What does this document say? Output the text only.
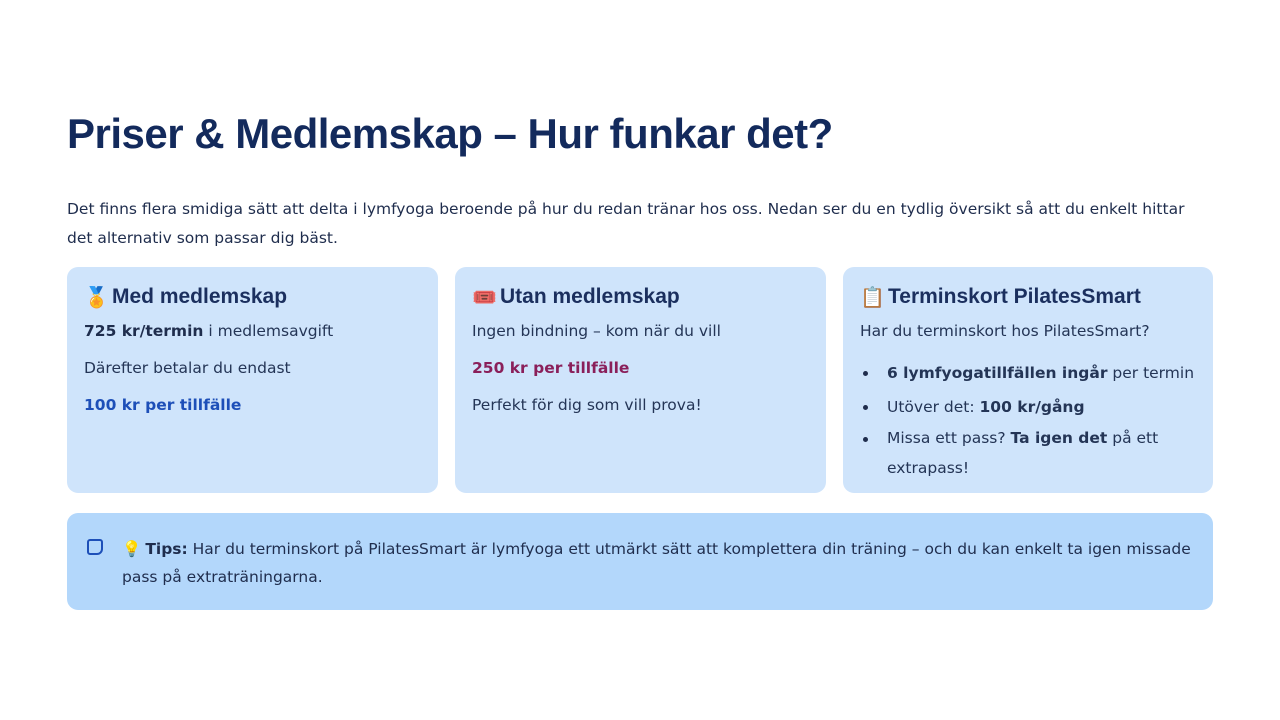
Priser & Medlemskap – Hur funkar det?

Det finns flera smidiga sätt att delta i lymfyoga beroende på hur du redan tränar hos oss. Nedan ser du en tydlig översikt så att du enkelt hittar det alternativ som passar dig bäst.

🏅 Med medlemskap
725 kr/termin i medlemsavgift
Därefter betalar du endast
100 kr per tillfälle
🎟️ Utan medlemskap
Ingen bindning – kom när du vill
250 kr per tillfälle
Perfekt för dig som vill prova!
📋 Terminskort PilatesSmart
Har du terminskort hos PilatesSmart?
6 lymfyogatillfällen ingår per termin
Utöver det: 100 kr/gång
Missa ett pass? Ta igen det på ett extrapass!

💡 Tips: Har du terminskort på PilatesSmart är lymfyoga ett utmärkt sätt att komplettera din träning – och du kan enkelt ta igen missade pass på extraträningarna.
